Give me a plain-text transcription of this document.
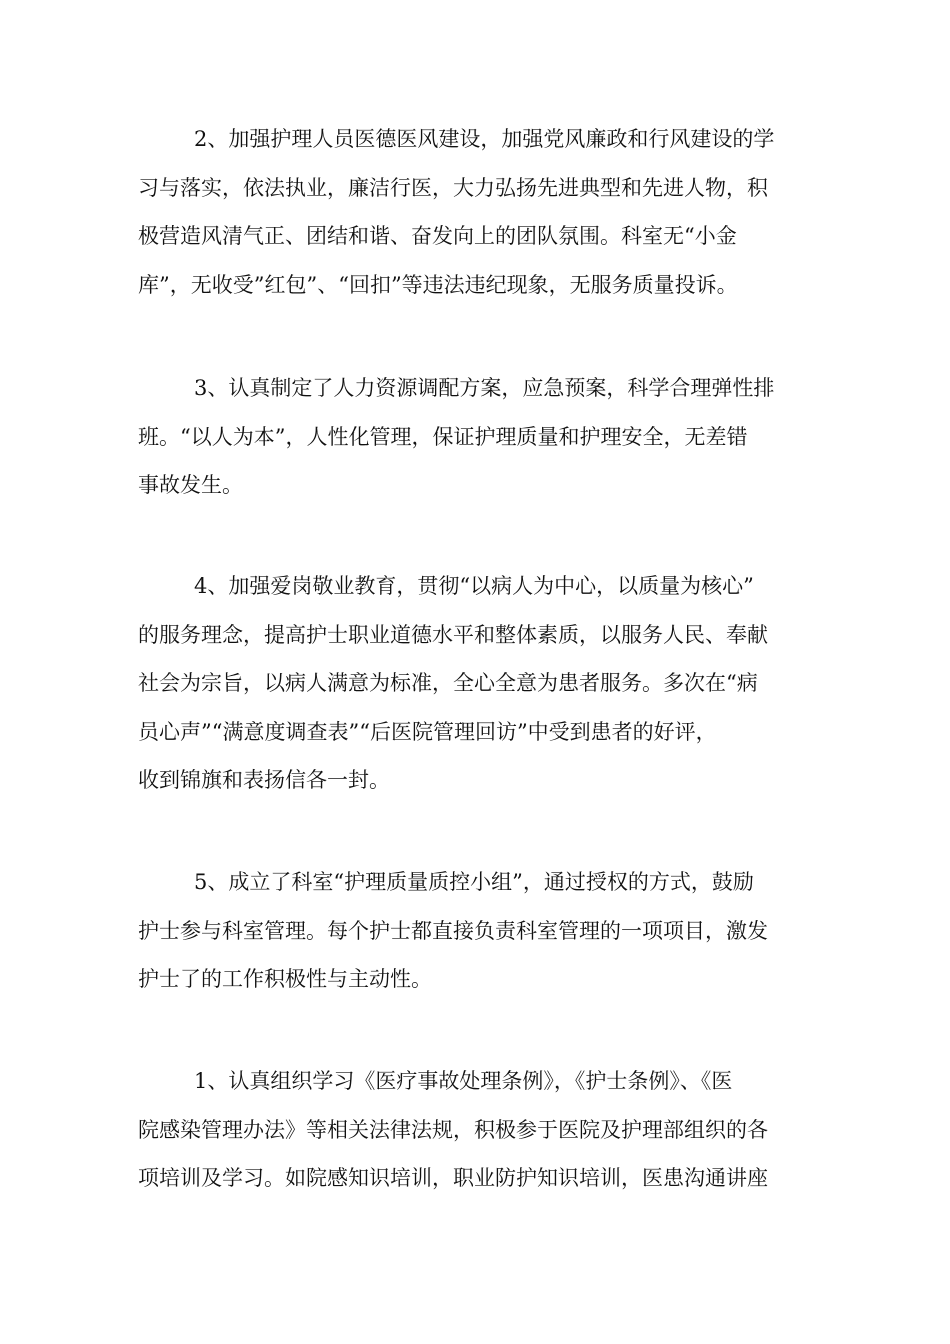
2、加强护理人员医德医风建设，加强党风廉政和行风建设的学
习与落实，依法执业，廉洁行医，大力弘扬先进典型和先进人物，积
极营造风清气正、团结和谐、奋发向上的团队氛围。科室无“小金
库”，无收受”红包”、“回扣”等违法违纪现象，无服务质量投诉。
3、认真制定了人力资源调配方案，应急预案，科学合理弹性排
班。“以人为本”，人性化管理，保证护理质量和护理安全，无差错
事故发生。
4、加强爱岗敬业教育，贯彻“以病人为中心，以质量为核心”
的服务理念，提高护士职业道德水平和整体素质，以服务人民、奉献
社会为宗旨，以病人满意为标准，全心全意为患者服务。多次在“病
员心声”“满意度调查表”“后医院管理回访”中受到患者的好评，
收到锦旗和表扬信各一封。
5、成立了科室“护理质量质控小组”，通过授权的方式，鼓励
护士参与科室管理。每个护士都直接负责科室管理的一项项目，激发
护士了的工作积极性与主动性。
1、认真组织学习《医疗事故处理条例》，《护士条例》、《医
院感染管理办法》等相关法律法规，积极参于医院及护理部组织的各
项培训及学习。如院感知识培训，职业防护知识培训，医患沟通讲座
